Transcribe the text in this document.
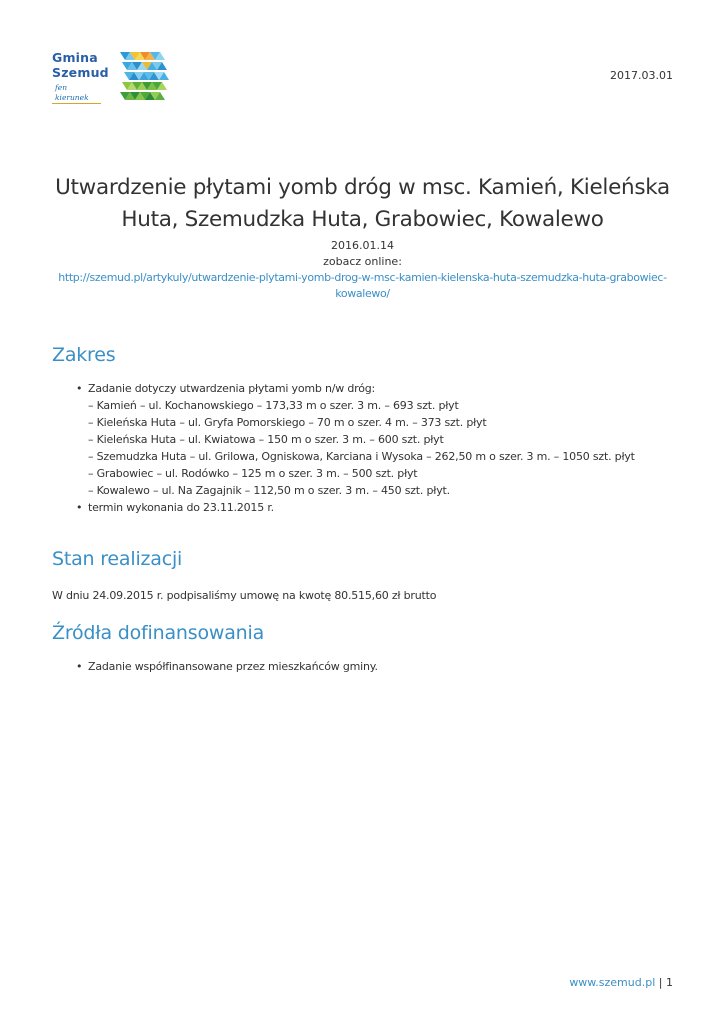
Gmina
Szemud
fen kierunek
2017.03.01
Utwardzenie płytami yomb dróg w msc. Kamień, Kieleńska Huta, Szemudzka Huta, Grabowiec, Kowalewo
2016.01.14
zobacz online:
http://szemud.pl/artykuly/utwardzenie-plytami-yomb-drog-w-msc-kamien-kielenska-huta-szemudzka-huta-grabowiec-kowalewo/
Zakres
• Zadanie dotyczy utwardzenia płytami yomb n/w dróg:
– Kamień – ul. Kochanowskiego – 173,33 m o szer. 3 m. – 693 szt. płyt
– Kieleńska Huta – ul. Gryfa Pomorskiego – 70 m o szer. 4 m. – 373 szt. płyt
– Kieleńska Huta – ul. Kwiatowa – 150 m o szer. 3 m. – 600 szt. płyt
– Szemudzka Huta – ul. Grilowa, Ogniskowa, Karciana i Wysoka – 262,50 m o szer. 3 m. – 1050 szt. płyt
– Grabowiec – ul. Rodówko – 125 m o szer. 3 m. – 500 szt. płyt
– Kowalewo – ul. Na Zagajnik – 112,50 m o szer. 3 m. – 450 szt. płyt.
• termin wykonania do 23.11.2015 r.
Stan realizacji

W dniu 24.09.2015 r. podpisaliśmy umowę na kwotę 80.515,60 zł brutto

Źródła dofinansowania
• Zadanie współfinansowane przez mieszkańców gminy.
www.szemud.pl | 1
